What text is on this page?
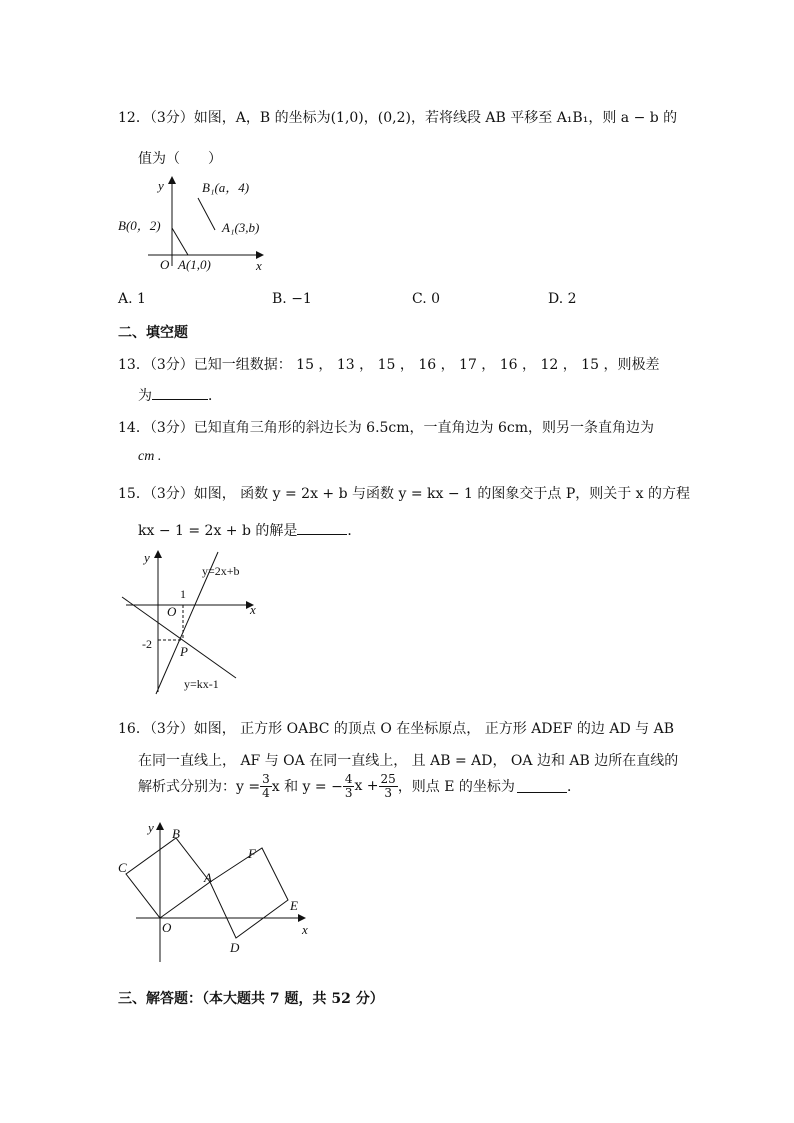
12．（3分）如图，A，B 的坐标为(1,0)，(0,2)，若将线段 AB 平移至 A₁B₁，则 a − b 的
值为（　　）
y
x
O
B₁(a，4)
B(0，2)	A₁(3,b)
A(1,0)
A. 1	B. −1	C. 0	D. 2
二、填空题
13．（3分）已知一组数据： 15 ， 13 ， 15 ， 16 ， 17 ， 16 ， 12 ， 15 ，则极差
为	．
14．（3分）已知直角三角形的斜边长为 6.5cm，一直角边为 6cm，则另一条直角边为
cm .
15．（3分）如图， 函数 y = 2x + b 与函数 y = kx − 1 的图象交于点 P，则关于 x 的方程
kx − 1 = 2x + b 的解是	．
y
x
O
1
-2 P
y=2x+b
y=kx-1
16．（3分）如图， 正方形 OABC 的顶点 O 在坐标原点， 正方形 ADEF 的边 AD 与 AB
在同一直线上， AF 与 OA 在同一直线上， 且 AB = AD， OA 边和 AB 边所在直线的
解析式分别为：$y = \frac{3}{4}$ x 和 y = − $\frac{4}{3}$ $x + \frac{25}{3}$ ，则点 E 的坐标为	．
y
x
O
A
B
C
D
E
F
三、解答题：（本大题共 7 题，共 52 分）
